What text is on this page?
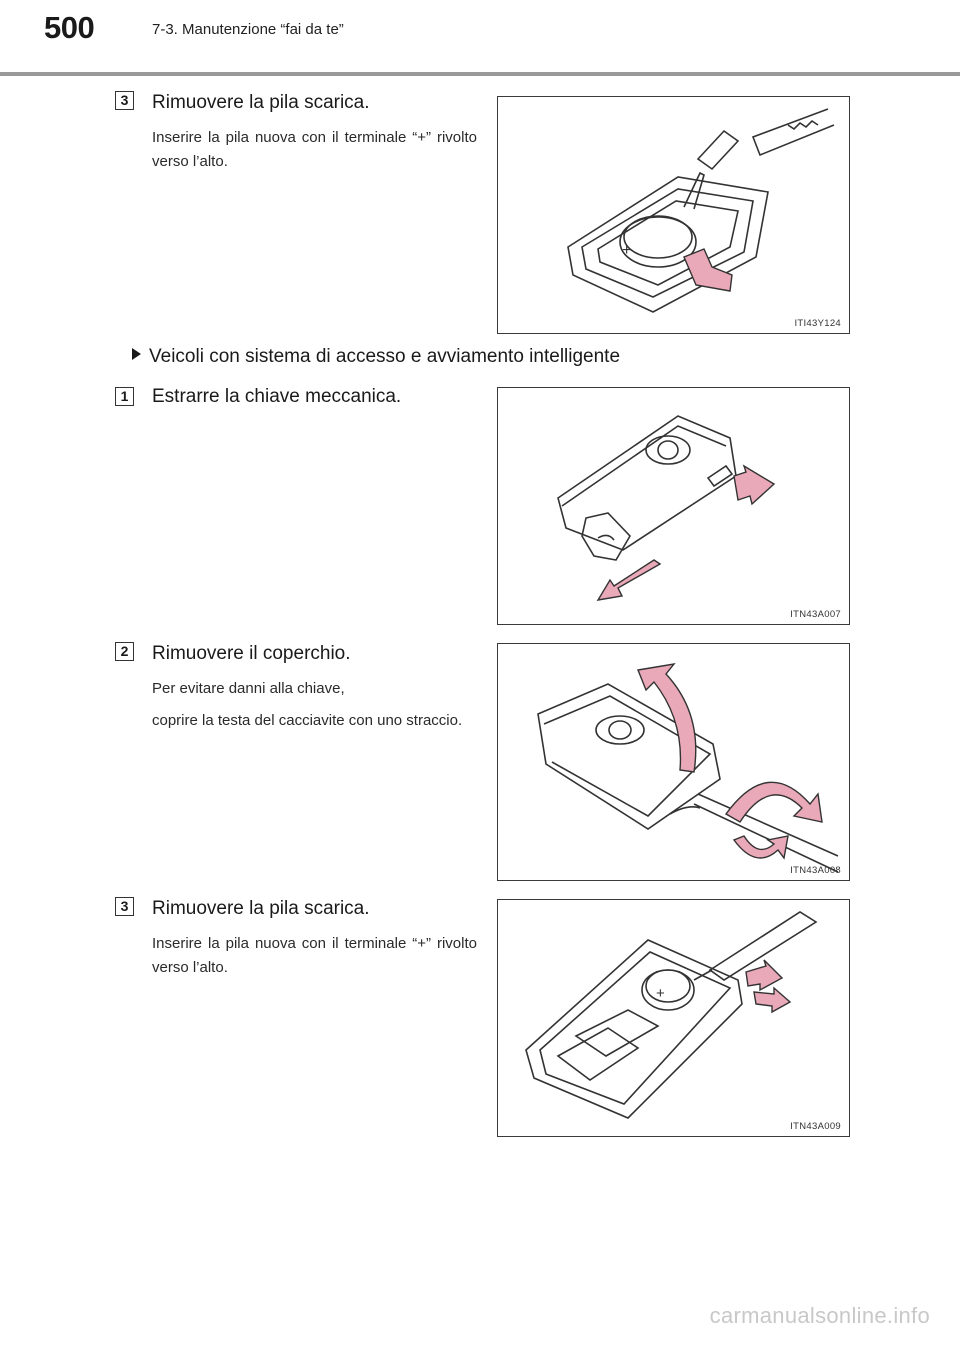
500	7-3. Manutenzione “fai da te”
3 Rimuovere la pila scarica.

Inserire la pila nuova con il terminale “+” rivolto verso l’alto.

+
ITI43Y124
Veicoli con sistema di accesso e avviamento intelligente
1 Estrarre la chiave meccanica.
ITN43A007
2 Rimuovere il coperchio.

Per evitare danni alla chiave,

coprire la testa del cacciavite con uno straccio.

ITN43A008
3 Rimuovere la pila scarica.

Inserire la pila nuova con il terminale “+” rivolto verso l’alto.

+
ITN43A009
carmanualsonline.info
